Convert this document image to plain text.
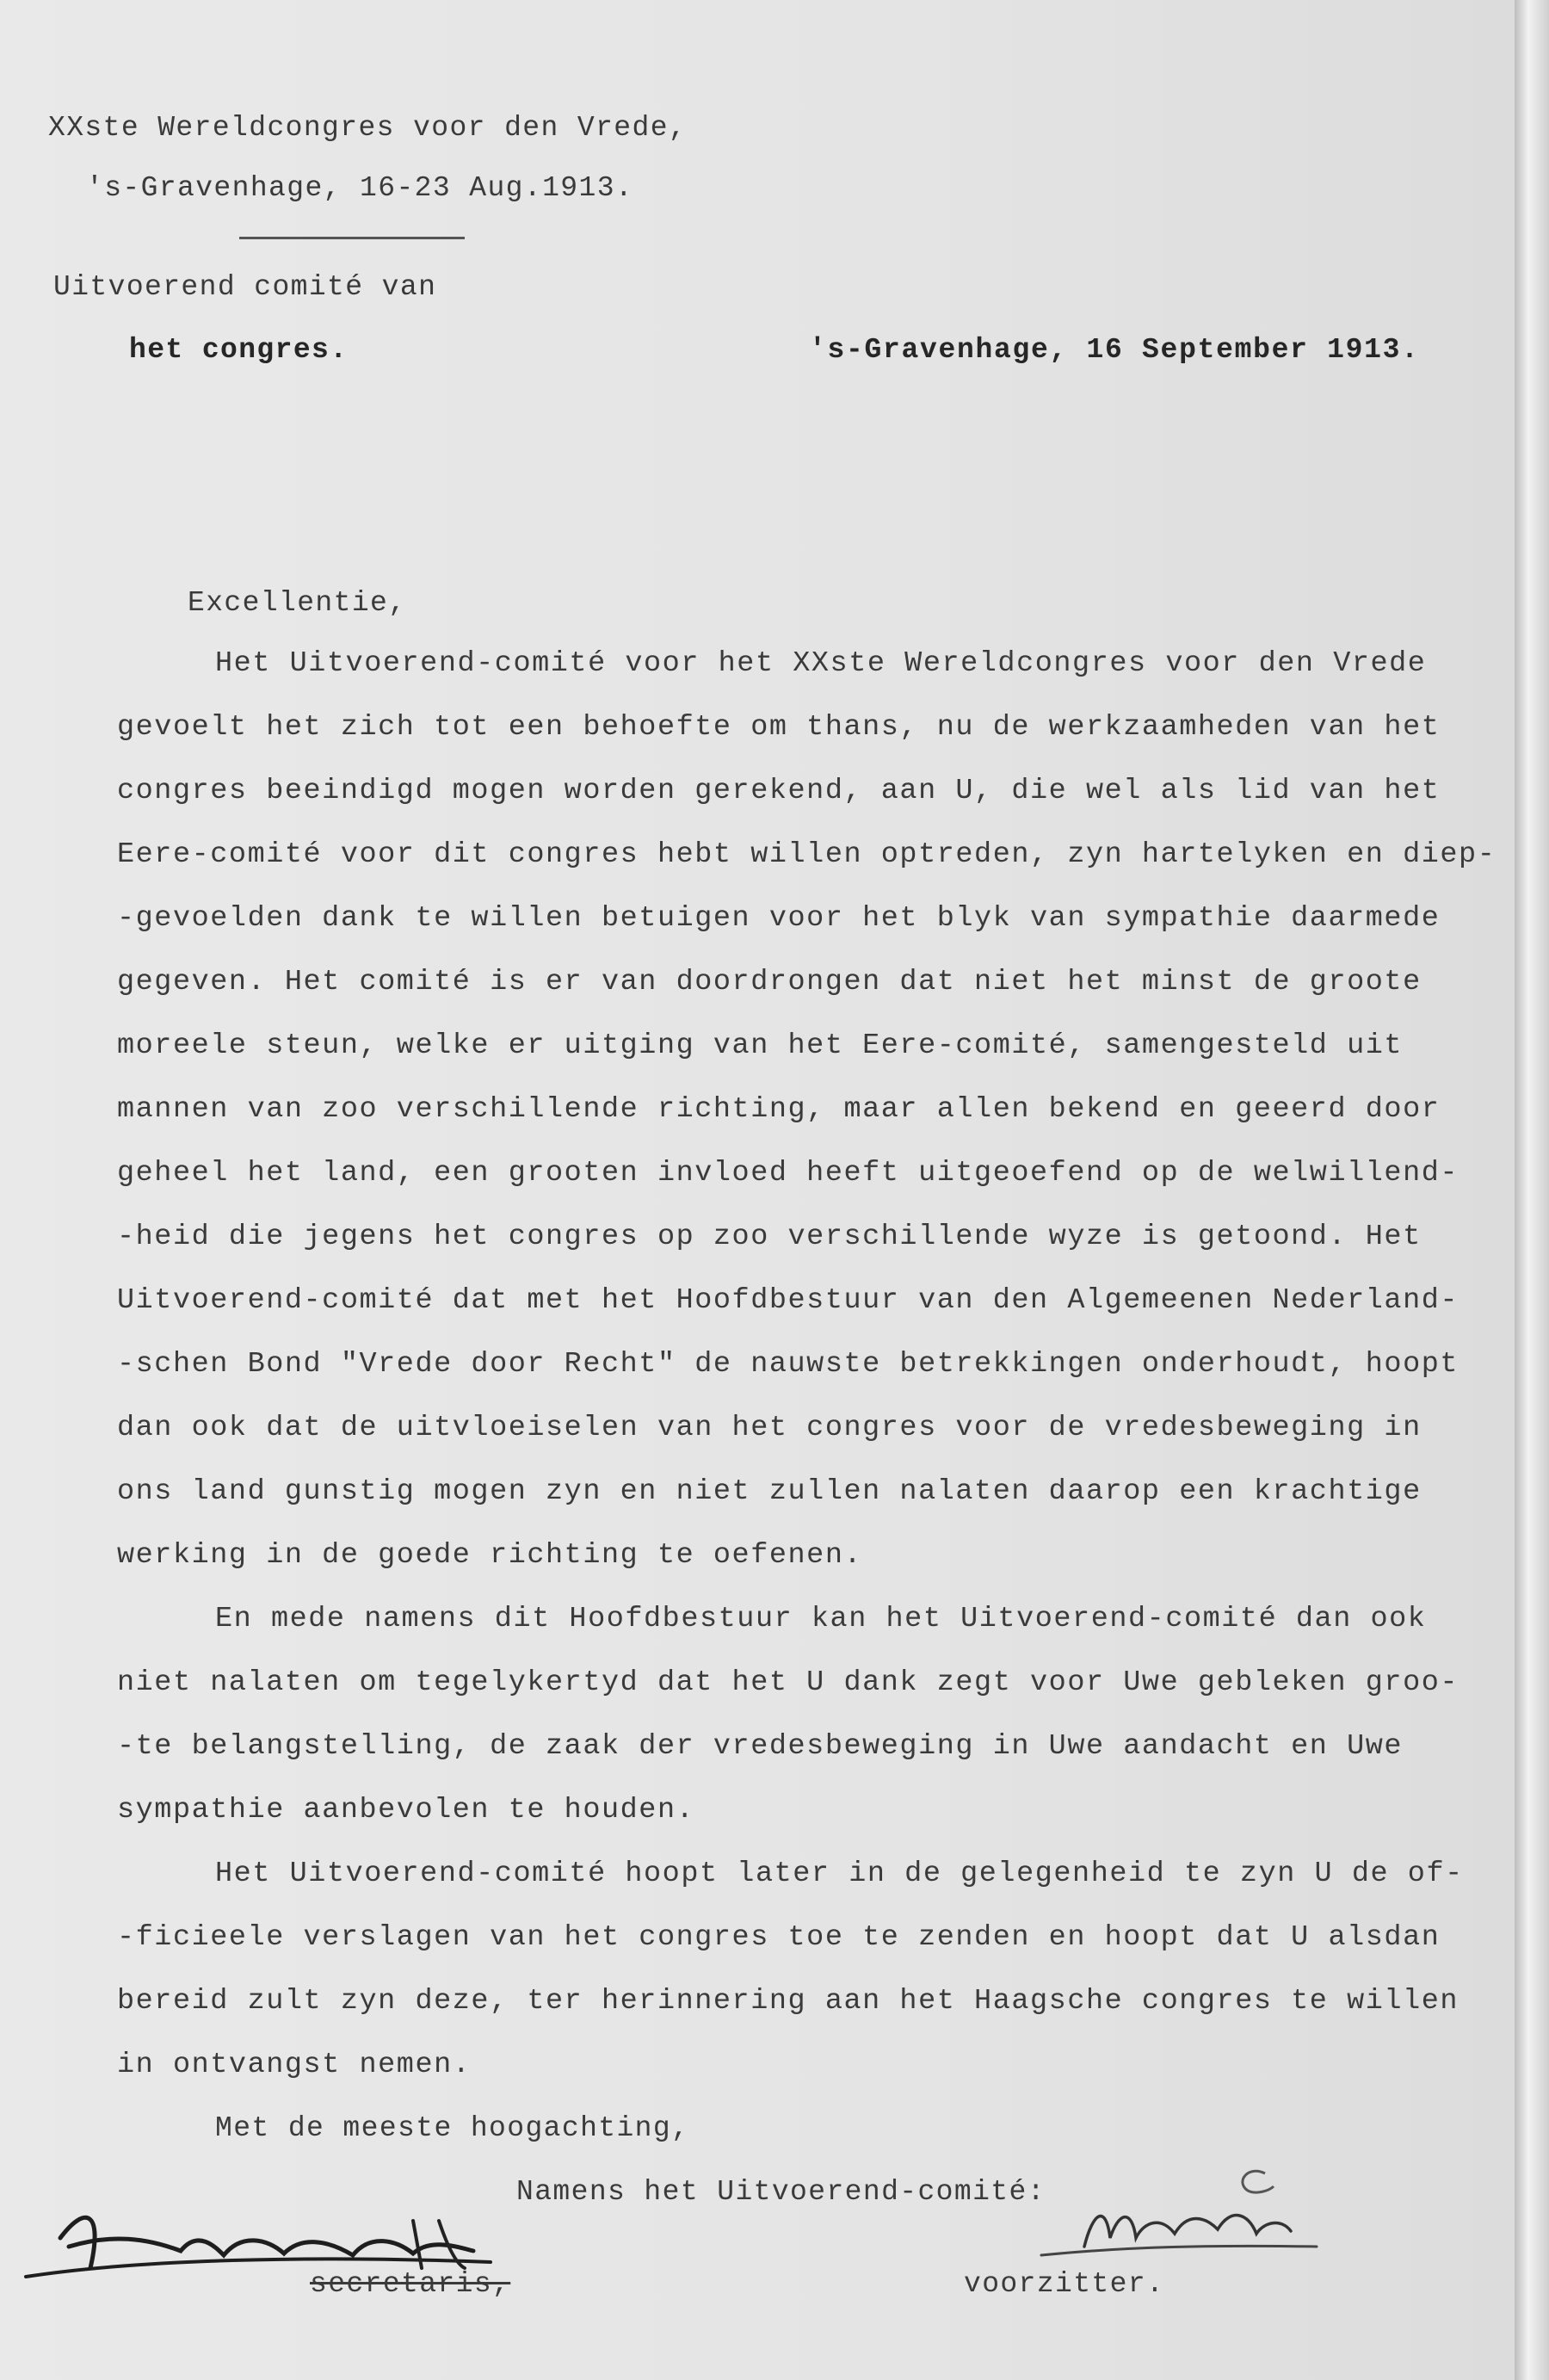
XXste Wereldcongres voor den Vrede,
's-Gravenhage, 16-23 Aug.1913.
Uitvoerend comité van
het congres.	's-Gravenhage, 16 September 1913.
Excellentie,
Het Uitvoerend-comité voor het XXste Wereldcongres voor den Vrede
gevoelt het zich tot een behoefte om thans, nu de werkzaamheden van het
congres beeindigd mogen worden gerekend, aan U, die wel als lid van het
Eere-comité voor dit congres hebt willen optreden, zyn hartelyken en diep-
-gevoelden dank te willen betuigen voor het blyk van sympathie daarmede
gegeven. Het comité is er van doordrongen dat niet het minst de groote
moreele steun, welke er uitging van het Eere-comité, samengesteld uit
mannen van zoo verschillende richting, maar allen bekend en geeerd door
geheel het land, een grooten invloed heeft uitgeoefend op de welwillend-
-heid die jegens het congres op zoo verschillende wyze is getoond. Het
Uitvoerend-comité dat met het Hoofdbestuur van den Algemeenen Nederland-
-schen Bond "Vrede door Recht" de nauwste betrekkingen onderhoudt, hoopt
dan ook dat de uitvloeiselen van het congres voor de vredesbeweging in
ons land gunstig mogen zyn en niet zullen nalaten daarop een krachtige
werking in de goede richting te oefenen.
En mede namens dit Hoofdbestuur kan het Uitvoerend-comité dan ook
niet nalaten om tegelykertyd dat het U dank zegt voor Uwe gebleken groo-
-te belangstelling, de zaak der vredesbeweging in Uwe aandacht en Uwe
sympathie aanbevolen te houden.
Het Uitvoerend-comité hoopt later in de gelegenheid te zyn U de of-
-ficieele verslagen van het congres toe te zenden en hoopt dat U alsdan
bereid zult zyn deze, ter herinnering aan het Haagsche congres te willen
in ontvangst nemen.
Met de meeste hoogachting,
Namens het Uitvoerend-comité:
secretaris,	voorzitter.
